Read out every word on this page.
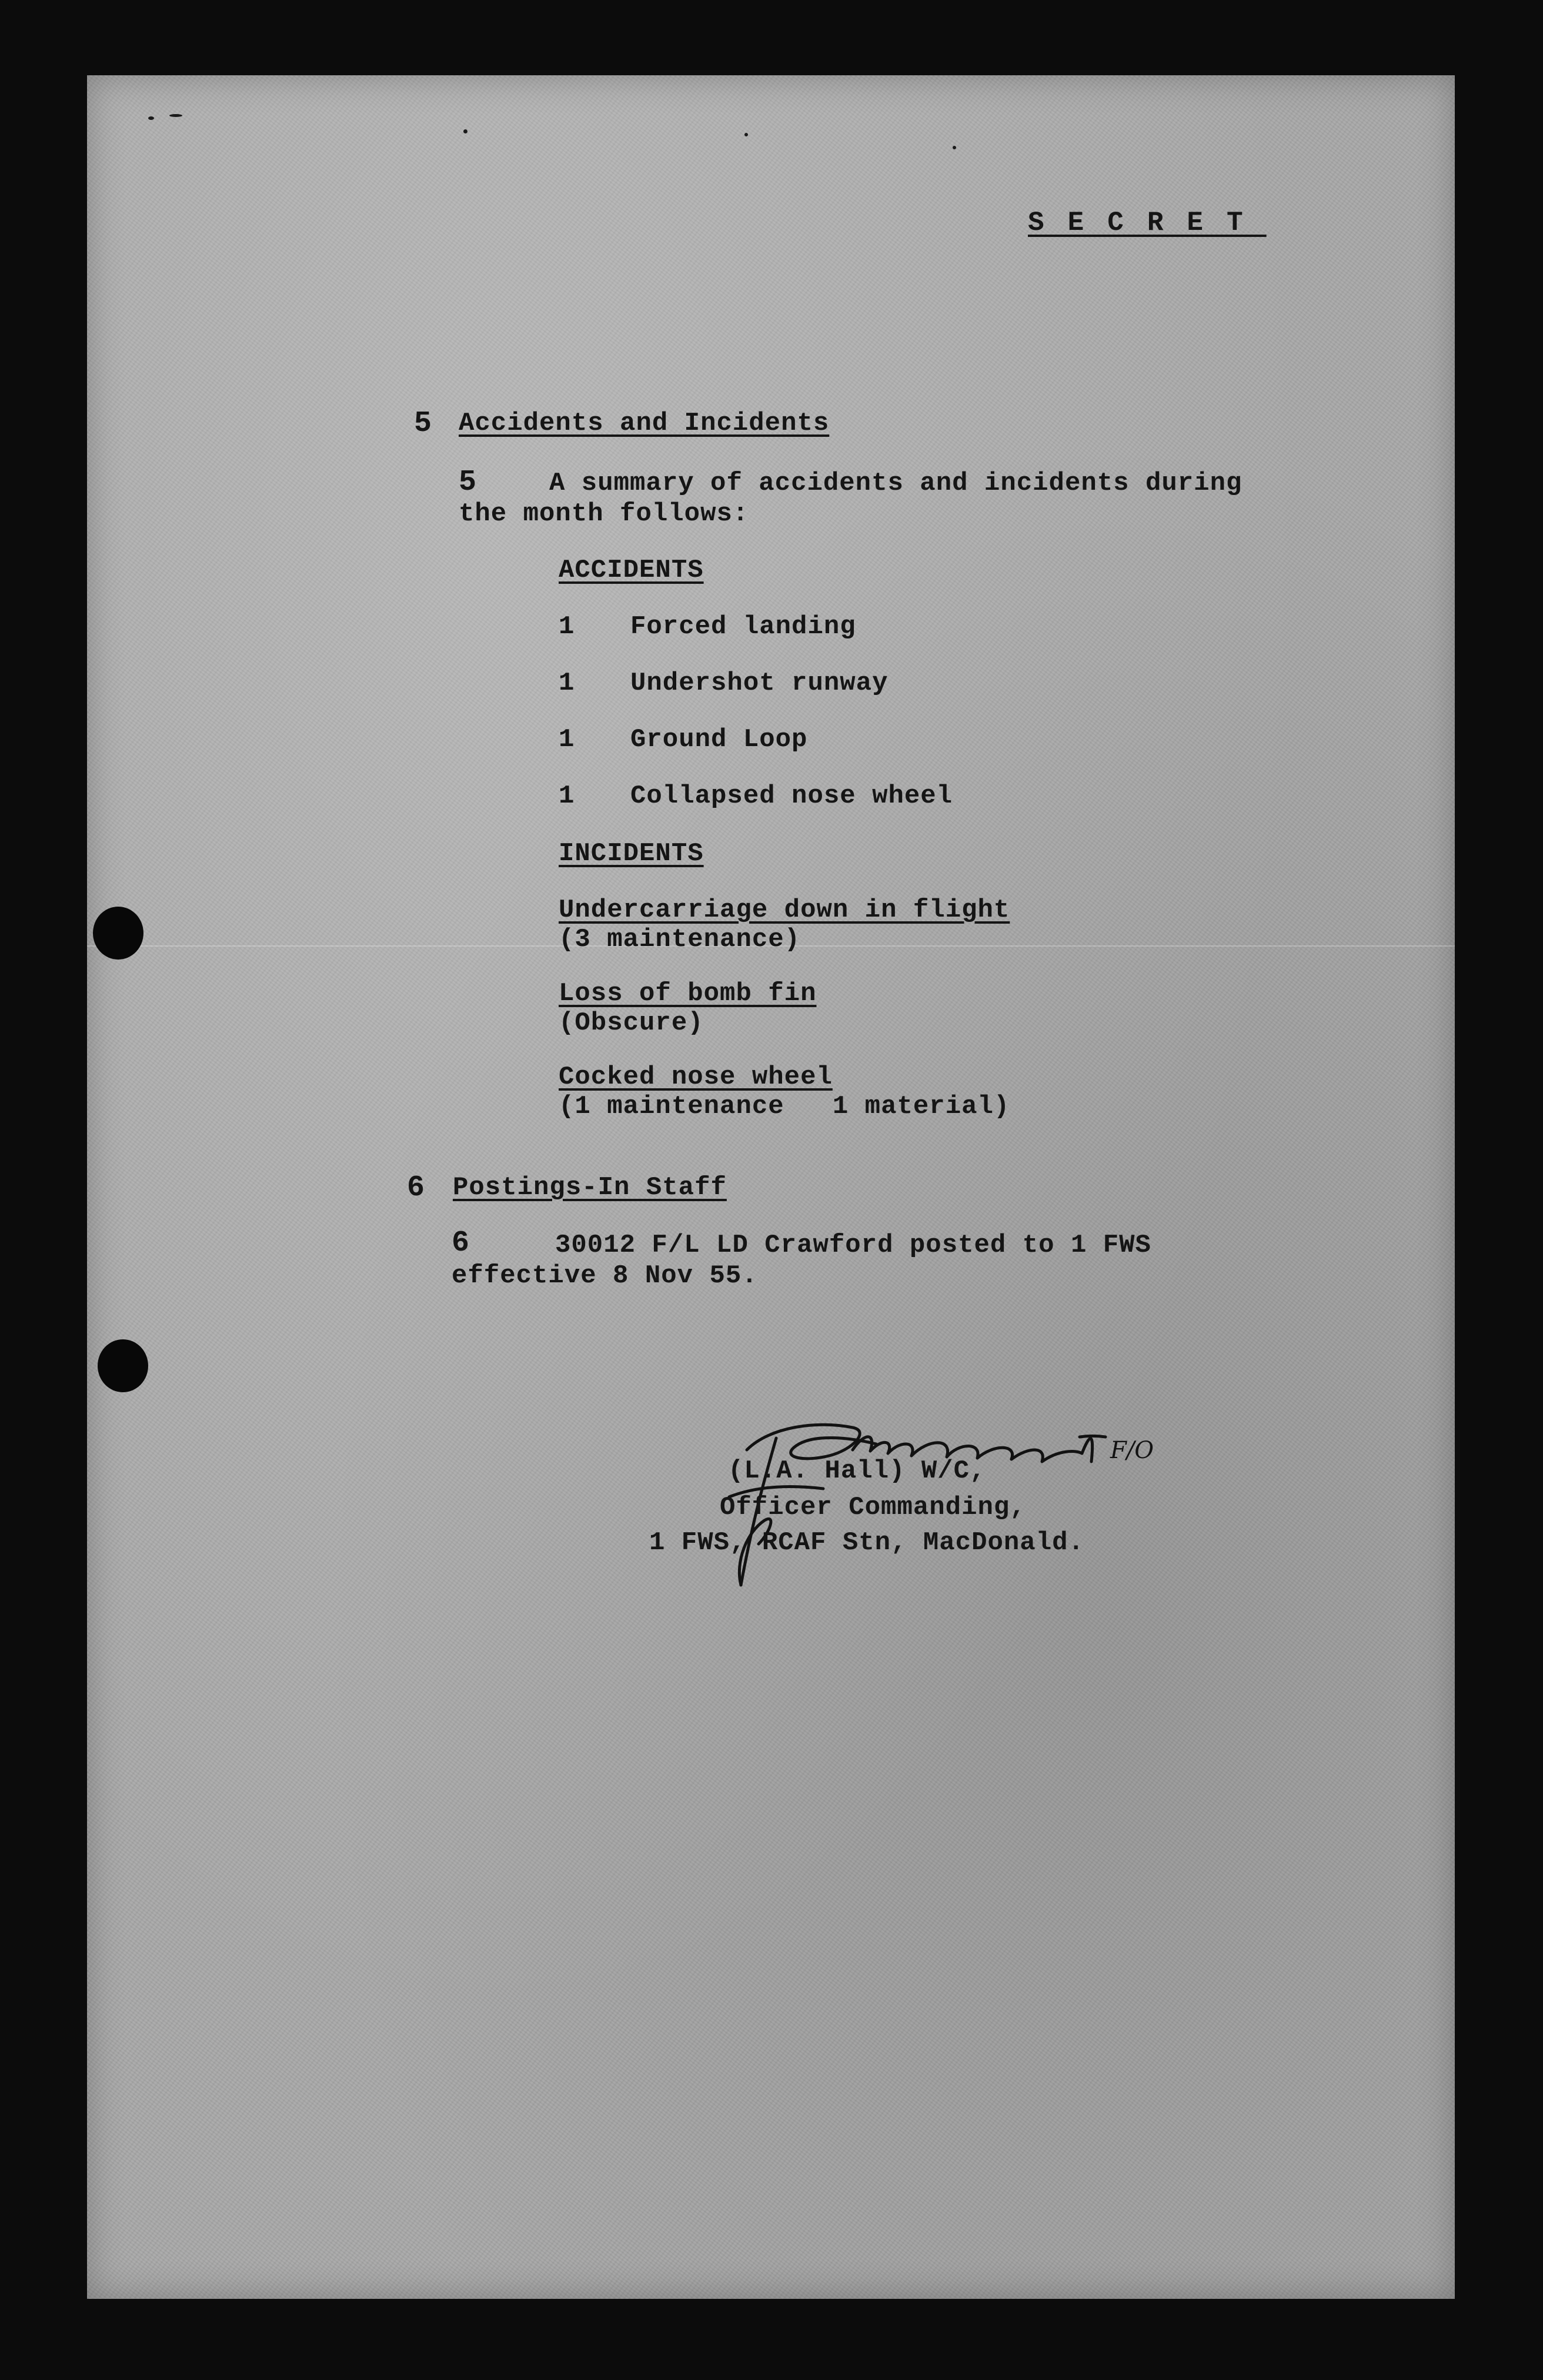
SECRET
5 Accidents and Incidents
5	A summary of accidents and incidents during
the month follows:
ACCIDENTS
1 Forced landing
1 Undershot runway
1 Ground Loop
1 Collapsed nose wheel
INCIDENTS
Undercarriage down in flight
(3 maintenance)
Loss of bomb fin
(Obscure)
Cocked nose wheel
(1 maintenance   1 material)
6 Postings-In Staff
6	30012 F/L LD Crawford posted to 1 FWS
effective 8 Nov 55.
F/O
(L.A. Hall) W/C,
Officer Commanding,
1 FWS, RCAF Stn, MacDonald.
